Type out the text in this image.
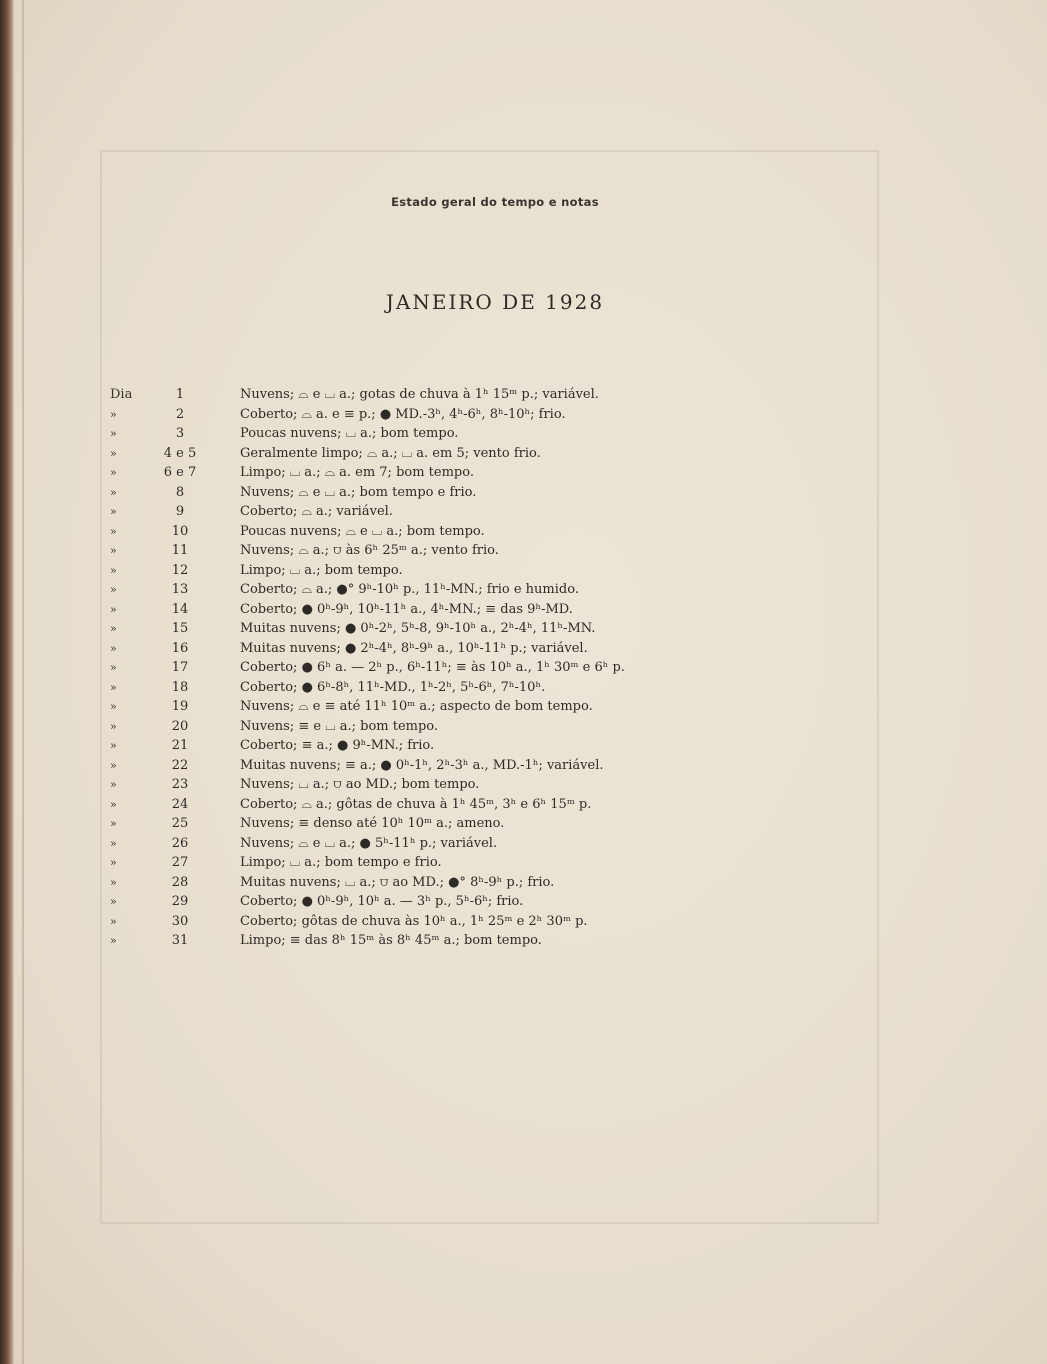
Estado geral do tempo e notas
JANEIRO DE 1928
Dia	1	Nuvens; ⌓ e ⌴ a.; gotas de chuva à 1ʰ 15ᵐ p.; variável.
»	2	Coberto; ⌓ a. e ≡ p.; ● MD.-3ʰ, 4ʰ-6ʰ, 8ʰ-10ʰ; frio.
»	3	Poucas nuvens; ⌴ a.; bom tempo.
»	4 e 5	Geralmente limpo; ⌓ a.; ⌴ a. em 5; vento frio.
»	6 e 7	Limpo; ⌴ a.; ⌓ a. em 7; bom tempo.
»	8	Nuvens; ⌓ e ⌴ a.; bom tempo e frio.
»	9	Coberto; ⌓ a.; variável.
»	10	Poucas nuvens; ⌓ e ⌴ a.; bom tempo.
»	11	Nuvens; ⌓ a.; ⩌ às 6ʰ 25ᵐ a.; vento frio.
»	12	Limpo; ⌴ a.; bom tempo.
»	13	Coberto; ⌓ a.; ●° 9ʰ-10ʰ p., 11ʰ-MN.; frio e humido.
»	14	Coberto; ● 0ʰ-9ʰ, 10ʰ-11ʰ a., 4ʰ-MN.; ≡ das 9ʰ-MD.
»	15	Muitas nuvens; ● 0ʰ-2ʰ, 5ʰ-8, 9ʰ-10ʰ a., 2ʰ-4ʰ, 11ʰ-MN.
»	16	Muitas nuvens; ● 2ʰ-4ʰ, 8ʰ-9ʰ a., 10ʰ-11ʰ p.; variável.
»	17	Coberto; ● 6ʰ a. — 2ʰ p., 6ʰ-11ʰ; ≡ às 10ʰ a., 1ʰ 30ᵐ e 6ʰ p.
»	18	Coberto; ● 6ʰ-8ʰ, 11ʰ-MD., 1ʰ-2ʰ, 5ʰ-6ʰ, 7ʰ-10ʰ.
»	19	Nuvens; ⌓ e ≡ até 11ʰ 10ᵐ a.; aspecto de bom tempo.
»	20	Nuvens; ≡ e ⌴ a.; bom tempo.
»	21	Coberto; ≡ a.; ● 9ʰ-MN.; frio.
»	22	Muitas nuvens; ≡ a.; ● 0ʰ-1ʰ, 2ʰ-3ʰ a., MD.-1ʰ; variável.
»	23	Nuvens; ⌴ a.; ⩌ ao MD.; bom tempo.
»	24	Coberto; ⌓ a.; gôtas de chuva à 1ʰ 45ᵐ, 3ʰ e 6ʰ 15ᵐ p.
»	25	Nuvens; ≡ denso até 10ʰ 10ᵐ a.; ameno.
»	26	Nuvens; ⌓ e ⌴ a.; ● 5ʰ-11ʰ p.; variável.
»	27	Limpo; ⌴ a.; bom tempo e frio.
»	28	Muitas nuvens; ⌴ a.; ⩌ ao MD.; ●° 8ʰ-9ʰ p.; frio.
»	29	Coberto; ● 0ʰ-9ʰ, 10ʰ a. — 3ʰ p., 5ʰ-6ʰ; frio.
»	30	Coberto; gôtas de chuva às 10ʰ a., 1ʰ 25ᵐ e 2ʰ 30ᵐ p.
»	31	Limpo; ≡ das 8ʰ 15ᵐ às 8ʰ 45ᵐ a.; bom tempo.
